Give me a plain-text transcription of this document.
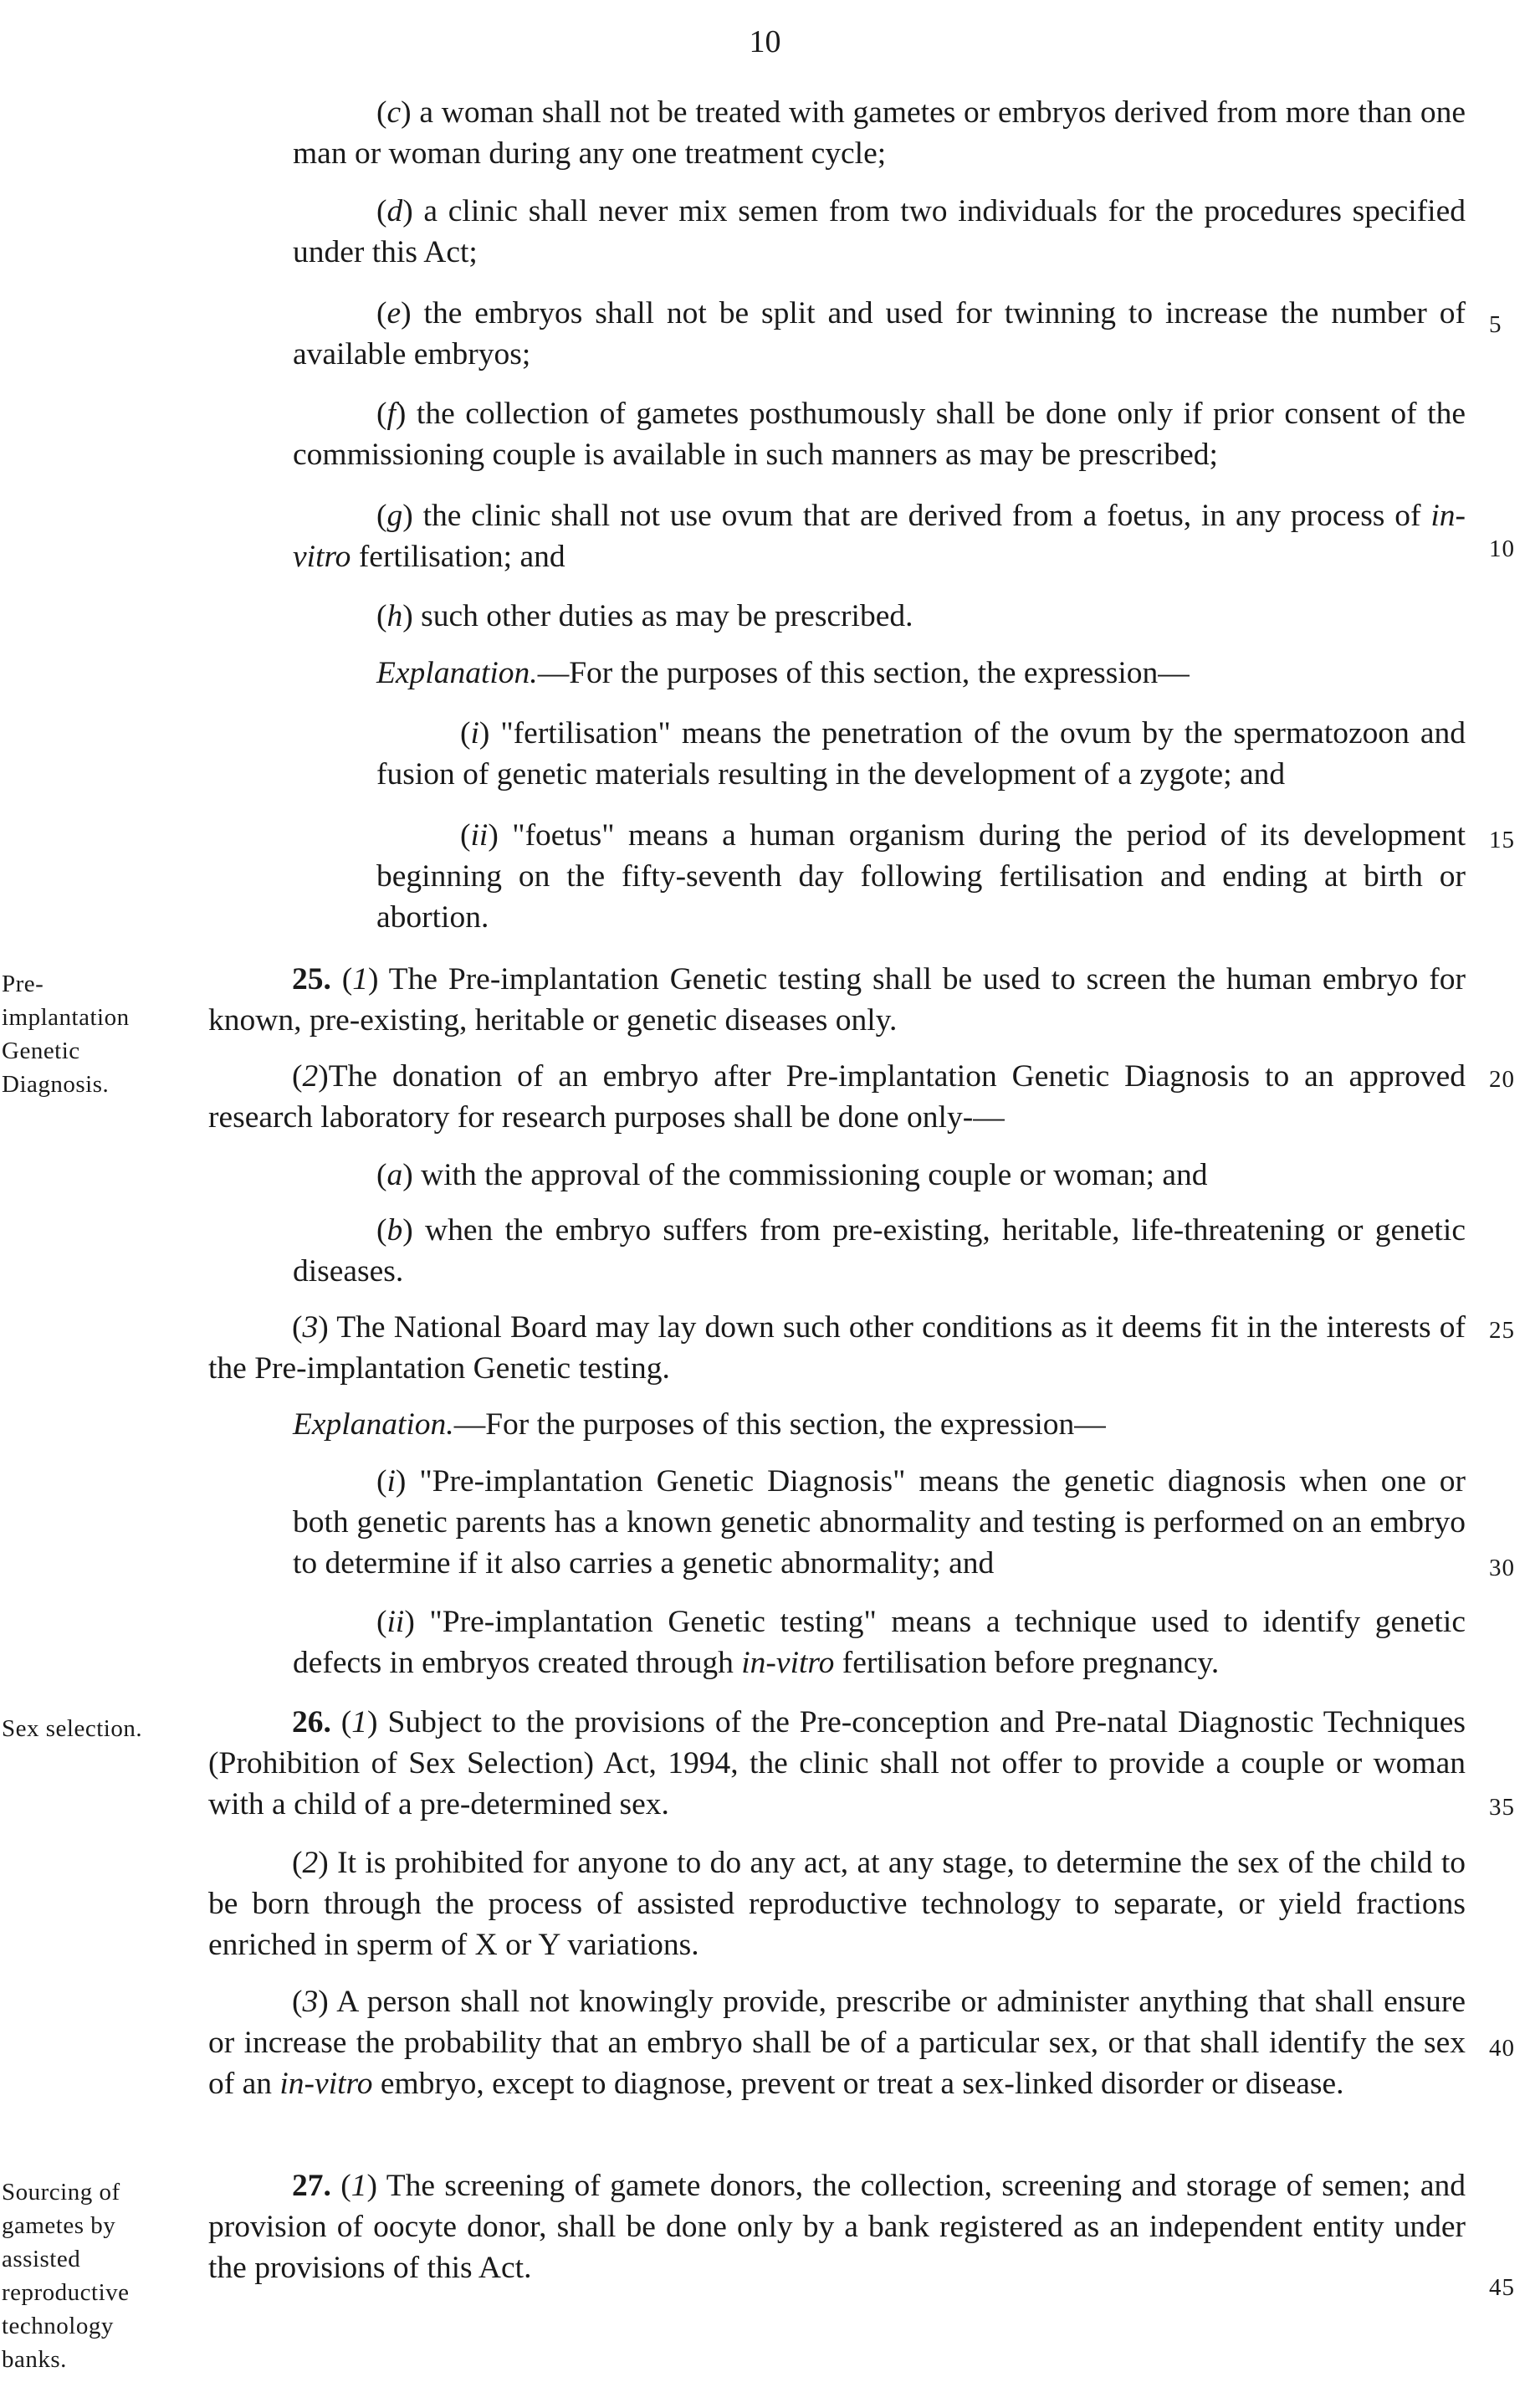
10
5
10
15
20
25
30
35
40
45
Pre-implantation Genetic Diagnosis.
Sex selection.
Sourcing of gametes by assisted reproductive technology banks.

(c) a woman shall not be treated with gametes or embryos derived from more than one man or woman during any one treatment cycle;

(d) a clinic shall never mix semen from two individuals for the procedures specified under this Act;

(e) the embryos shall not be split and used for twinning to increase the number of available embryos;

(f) the collection of gametes posthumously shall be done only if prior consent of the commissioning couple is available in such manners as may be prescribed;

(g) the clinic shall not use ovum that are derived from a foetus, in any process of in-vitro fertilisation; and

(h) such other duties as may be prescribed.

Explanation.—For the purposes of this section, the expression—

(i) "fertilisation" means the penetration of the ovum by the spermatozoon and fusion of genetic materials resulting in the development of a zygote; and

(ii) "foetus" means a human organism during the period of its development beginning on the fifty-seventh day following fertilisation and ending at birth or abortion.

25. (1) The Pre-implantation Genetic testing shall be used to screen the human embryo for known, pre-existing, heritable or genetic diseases only.

(2)The donation of an embryo after Pre-implantation Genetic Diagnosis to an approved research laboratory for research purposes shall be done only-—

(a) with the approval of the commissioning couple or woman; and

(b) when the embryo suffers from pre-existing, heritable, life-threatening or genetic diseases.

(3) The National Board may lay down such other conditions as it deems fit in the interests of the Pre-implantation Genetic testing.

Explanation.—For the purposes of this section, the expression—

(i) "Pre-implantation Genetic Diagnosis" means the genetic diagnosis when one or both genetic parents has a known genetic abnormality and testing is performed on an embryo to determine if it also carries a genetic abnormality; and

(ii) "Pre-implantation Genetic testing" means a technique used to identify genetic defects in embryos created through in-vitro fertilisation before pregnancy.

26. (1) Subject to the provisions of the Pre-conception and Pre-natal Diagnostic Techniques (Prohibition of Sex Selection) Act, 1994, the clinic shall not offer to provide a couple or woman with a child of a pre-determined sex.

(2) It is prohibited for anyone to do any act, at any stage, to determine the sex of the child to be born through the process of assisted reproductive technology to separate, or yield fractions enriched in sperm of X or Y variations.

(3) A person shall not knowingly provide, prescribe or administer anything that shall ensure or increase the probability that an embryo shall be of a particular sex, or that shall identify the sex of an in-vitro embryo, except to diagnose, prevent or treat a sex-linked disorder or disease.

27. (1) The screening of gamete donors, the collection, screening and storage of semen; and provision of oocyte donor, shall be done only by a bank registered as an independent entity under the provisions of this Act.
